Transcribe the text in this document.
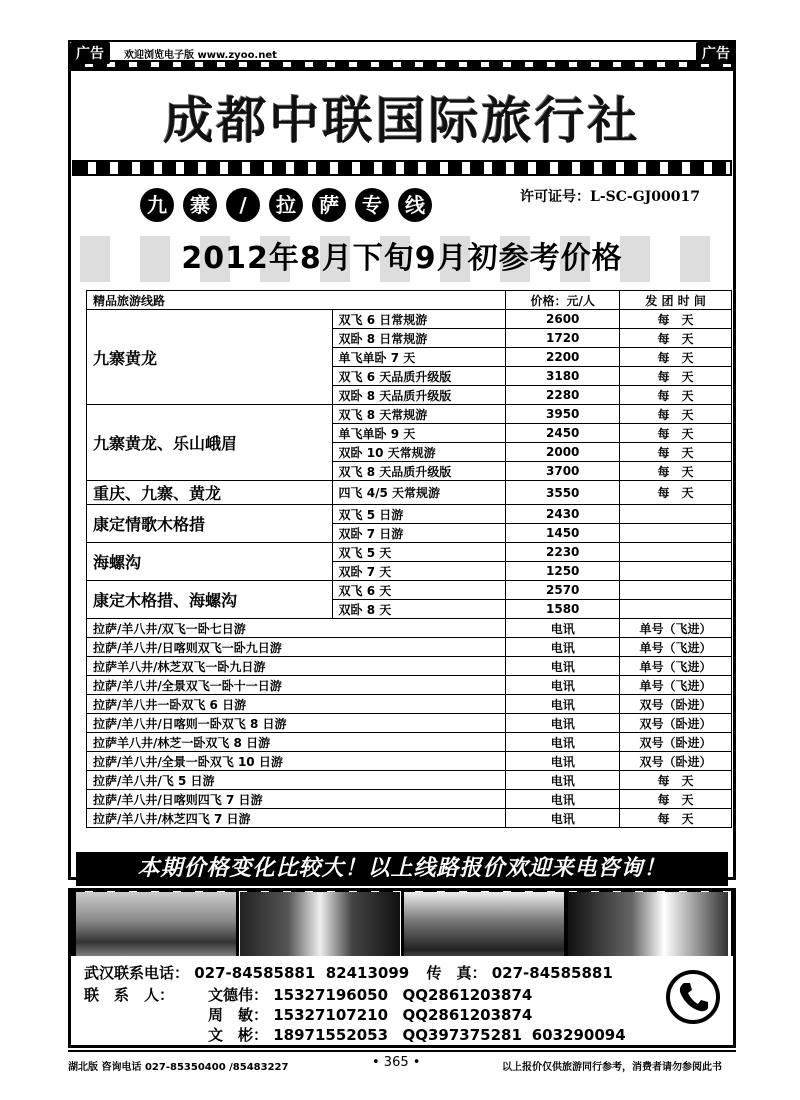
广告	欢迎浏览电子版 www.zyoo.net	广告
成都中联国际旅行社
九 寨 / 拉 萨 专 线	许可证号：L-SC-GJ00017
2012年8月下旬9月初参考价格
精品旅游线路		价格：元/人	发 团 时 间
九寨黄龙	双飞 6 日常规游	2600	每　天
	双卧 8 日常规游	1720	每　天
	单飞单卧 7 天	2200	每　天
	双飞 6 天品质升级版	3180	每　天
	双卧 8 天品质升级版	2280	每　天
九寨黄龙、乐山峨眉	双飞 8 天常规游	3950	每　天
	单飞单卧 9 天	2450	每　天
	双卧 10 天常规游	2000	每　天
	双飞 8 天品质升级版	3700	每　天
重庆、九寨、黄龙	四飞 4/5 天常规游	3550	每　天
康定情歌木格措	双飞 5 日游	2430	
	双卧 7 日游	1450	
海螺沟	双飞 5 天	2230	
	双卧 7 天	1250	
康定木格措、海螺沟	双飞 6 天	2570	
	双卧 8 天	1580	
拉萨/羊八井/双飞一卧七日游		电讯	单号（飞进）
拉萨/羊八井/日喀则双飞一卧九日游		电讯	单号（飞进）
拉萨羊八井/林芝双飞一卧九日游		电讯	单号（飞进）
拉萨/羊八井/全景双飞一卧十一日游		电讯	单号（飞进）
拉萨/羊八井一卧双飞 6 日游		电讯	双号（卧进）
拉萨/羊八井/日喀则一卧双飞 8 日游		电讯	双号（卧进）
拉萨羊八井/林芝一卧双飞 8 日游		电讯	双号（卧进）
拉萨/羊八井/全景一卧双飞 10 日游		电讯	双号（卧进）
拉萨/羊八井/飞 5 日游		电讯	每　天
拉萨/羊八井/日喀则四飞 7 日游		电讯	每　天
拉萨/羊八井/林芝四飞 7 日游		电讯	每　天
本期价格变化比较大！以上线路报价欢迎来电咨询！
武汉联系电话： 027-84585881  82413099 传　真： 027-84585881
联　系　人： 文德伟： 15327196050 QQ2861203874
周　敏： 15327107210 QQ2861203874
文　彬： 18971552053 QQ397375281 603290094
湖北版 咨询电话 027-85350400 /85483227	• 365 •	以上报价仅供旅游同行参考，消费者请勿参阅此书
